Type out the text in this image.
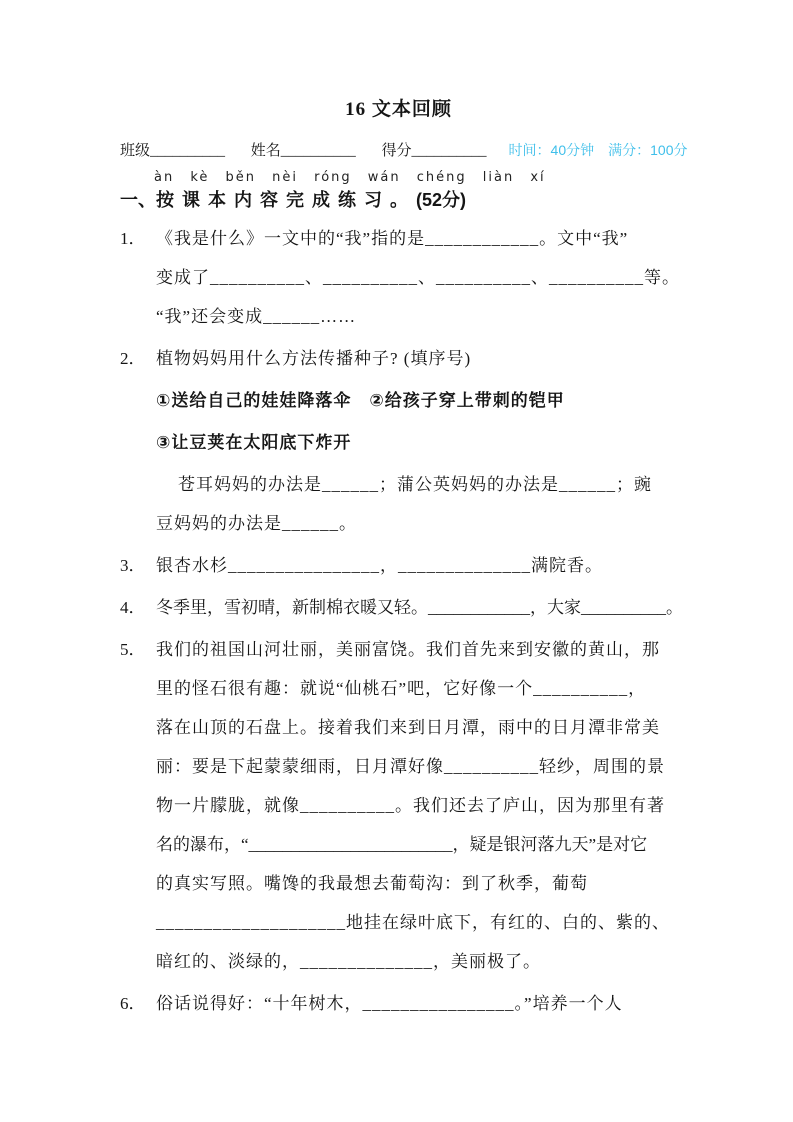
16 文本回顾
班级__________ 姓名__________ 得分__________	时间：40分钟　满分：100分
àn kè běn nèi róng wán chéng liàn xí
一、按课本内容完成练习。(52分)
1． 《我是什么》一文中的“我”指的是____________。文中“我”
变成了__________、__________、__________、__________等。
“我”还会变成______……
2． 植物妈妈用什么方法传播种子? (填序号)
①送给自己的娃娃降落伞　②给孩子穿上带刺的铠甲
③让豆荚在太阳底下炸开
苍耳妈妈的办法是______；蒲公英妈妈的办法是______；豌
豆妈妈的办法是______。
3． 银杏水杉________________，______________满院香。
4． 冬季里，雪初晴，新制棉衣暖又轻。____________，大家__________。
5． 我们的祖国山河壮丽，美丽富饶。我们首先来到安徽的黄山，那
里的怪石很有趣：就说“仙桃石”吧，它好像一个__________，
落在山顶的石盘上。接着我们来到日月潭，雨中的日月潭非常美
丽：要是下起蒙蒙细雨，日月潭好像__________轻纱，周围的景
物一片朦胧，就像__________。我们还去了庐山，因为那里有著
名的瀑布，“________________________，疑是银河落九天”是对它
的真实写照。嘴馋的我最想去葡萄沟：到了秋季，葡萄
____________________地挂在绿叶底下，有红的、白的、紫的、
暗红的、淡绿的，______________，美丽极了。
6． 俗话说得好：“十年树木，________________。”培养一个人
